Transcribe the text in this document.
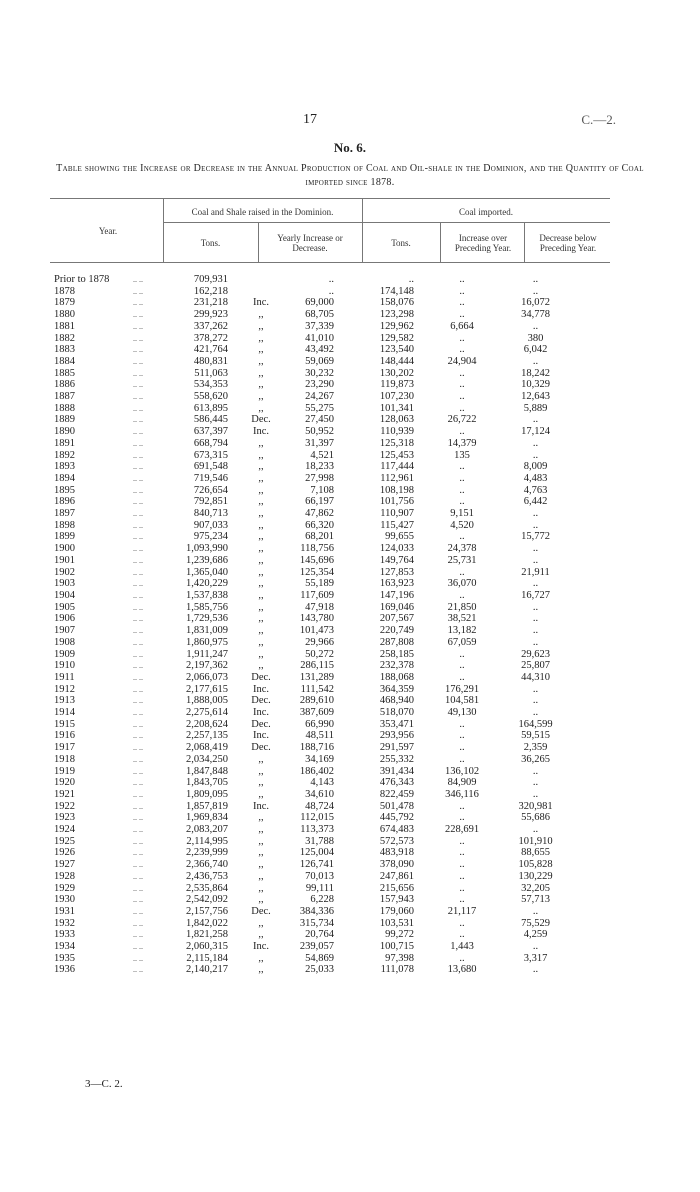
17	C.—2.
No. 6.
Table showing the Increase or Decrease in the Annual Production of Coal and Oil-shale in the Dominion, and the Quantity of Coal imported since 1878.
Year.
Coal and Shale raised in the Dominion.
Tons.	Yearly Increase or Decrease.
Coal imported.
Tons.	Increase over Preceding Year.
Decrease below Preceding Year.
Prior to 1878	.. ..	709,931		..	..	..	..
1878	.. ..	162,218		..	174,148	..	..
1879	.. ..	231,218	Inc.	69,000	158,076	..	16,072
1880	.. ..	299,923	,,	68,705	123,298	..	34,778
1881	.. ..	337,262	,,	37,339	129,962	6,664	..
1882	.. ..	378,272	,,	41,010	129,582	..	380
1883	.. ..	421,764	,,	43,492	123,540	..	6,042
1884	.. ..	480,831	,,	59,069	148,444	24,904	..
1885	.. ..	511,063	,,	30,232	130,202	..	18,242
1886	.. ..	534,353	,,	23,290	119,873	..	10,329
1887	.. ..	558,620	,,	24,267	107,230	..	12,643
1888	.. ..	613,895	,,	55,275	101,341	..	5,889
1889	.. ..	586,445	Dec.	27,450	128,063	26,722	..
1890	.. ..	637,397	Inc.	50,952	110,939	..	17,124
1891	.. ..	668,794	,,	31,397	125,318	14,379	..
1892	.. ..	673,315	,,	4,521	125,453	135	..
1893	.. ..	691,548	,,	18,233	117,444	..	8,009
1894	.. ..	719,546	,,	27,998	112,961	..	4,483
1895	.. ..	726,654	,,	7,108	108,198	..	4,763
1896	.. ..	792,851	,,	66,197	101,756	..	6,442
1897	.. ..	840,713	,,	47,862	110,907	9,151	..
1898	.. ..	907,033	,,	66,320	115,427	4,520	..
1899	.. ..	975,234	,,	68,201	99,655	..	15,772
1900	.. ..	1,093,990	,,	118,756	124,033	24,378	..
1901	.. ..	1,239,686	,,	145,696	149,764	25,731	..
1902	.. ..	1,365,040	,,	125,354	127,853	..	21,911
1903	.. ..	1,420,229	,,	55,189	163,923	36,070	..
1904	.. ..	1,537,838	,,	117,609	147,196	..	16,727
1905	.. ..	1,585,756	,,	47,918	169,046	21,850	..
1906	.. ..	1,729,536	,,	143,780	207,567	38,521	..
1907	.. ..	1,831,009	,,	101,473	220,749	13,182	..
1908	.. ..	1,860,975	,,	29,966	287,808	67,059	..
1909	.. ..	1,911,247	,,	50,272	258,185	..	29,623
1910	.. ..	2,197,362	,,	286,115	232,378	..	25,807
1911	.. ..	2,066,073	Dec.	131,289	188,068	..	44,310
1912	.. ..	2,177,615	Inc.	111,542	364,359	176,291	..
1913	.. ..	1,888,005	Dec.	289,610	468,940	104,581	..
1914	.. ..	2,275,614	Inc.	387,609	518,070	49,130	..
1915	.. ..	2,208,624	Dec.	66,990	353,471	..	164,599
1916	.. ..	2,257,135	Inc.	48,511	293,956	..	59,515
1917	.. ..	2,068,419	Dec.	188,716	291,597	..	2,359
1918	.. ..	2,034,250	,,	34,169	255,332	..	36,265
1919	.. ..	1,847,848	,,	186,402	391,434	136,102	..
1920	.. ..	1,843,705	,,	4,143	476,343	84,909	..
1921	.. ..	1,809,095	,,	34,610	822,459	346,116	..
1922	.. ..	1,857,819	Inc.	48,724	501,478	..	320,981
1923	.. ..	1,969,834	,,	112,015	445,792	..	55,686
1924	.. ..	2,083,207	,,	113,373	674,483	228,691	..
1925	.. ..	2,114,995	,,	31,788	572,573	..	101,910
1926	.. ..	2,239,999	,,	125,004	483,918	..	88,655
1927	.. ..	2,366,740	,,	126,741	378,090	..	105,828
1928	.. ..	2,436,753	,,	70,013	247,861	..	130,229
1929	.. ..	2,535,864	,,	99,111	215,656	..	32,205
1930	.. ..	2,542,092	,,	6,228	157,943	..	57,713
1931	.. ..	2,157,756	Dec.	384,336	179,060	21,117	..
1932	.. ..	1,842,022	,,	315,734	103,531	..	75,529
1933	.. ..	1,821,258	,,	20,764	99,272	..	4,259
1934	.. ..	2,060,315	Inc.	239,057	100,715	1,443	..
1935	.. ..	2,115,184	,,	54,869	97,398	..	3,317
1936	.. ..	2,140,217	,,	25,033	111,078	13,680	..
3—C. 2.
